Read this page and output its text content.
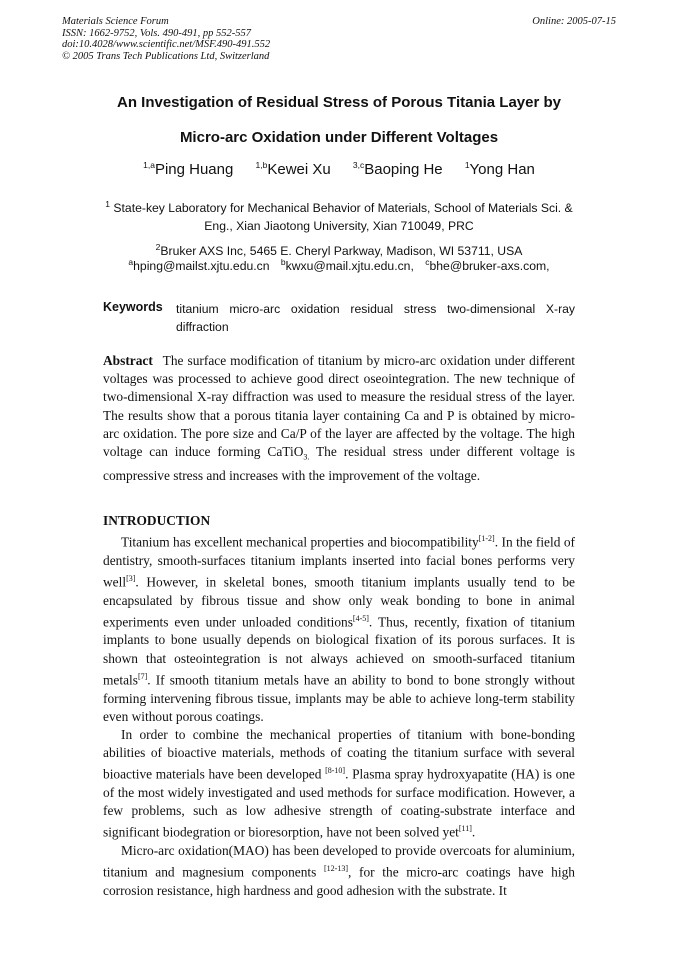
Materials Science Forum
ISSN: 1662-9752, Vols. 490-491, pp 552-557
doi:10.4028/www.scientific.net/MSF.490-491.552
© 2005 Trans Tech Publications Ltd, Switzerland
Online: 2005-07-15
An Investigation of Residual Stress of Porous Titania Layer by
Micro-arc Oxidation under Different Voltages
$^{1,a}$Ping Huang	$^{1,b}$Kewei Xu	$^{3,c}$Baoping He	$^1$Yong Han
$^1$ State-key Laboratory for Mechanical Behavior of Materials, School of Materials Sci. & Eng., Xian Jiaotong University, Xian 710049, PRC
$^2$Bruker AXS Inc, 5465 E. Cheryl Parkway, Madison, WI 53711, USA
$^a$hping@mailst.xjtu.edu.cn $^b$kwxu@mail.xjtu.edu.cn, $^c$bhe@bruker-axs.com,
Keywords titanium micro-arc oxidation residual stress two-dimensional X-ray diffraction
Abstract The surface modification of titanium by micro-arc oxidation under different voltages was processed to achieve good direct oseointegration. The new technique of two-dimensional X-ray diffraction was used to measure the residual stress of the layer. The results show that a porous titania layer containing Ca and P is obtained by micro-arc oxidation. The pore size and Ca/P of the layer are affected by the voltage. The high voltage can induce forming CaTiO$_{3.}$ The residual stress under different voltage is compressive stress and increases with the improvement of the voltage.
INTRODUCTION

Titanium has excellent mechanical properties and biocompatibility[1-2]. In the field of dentistry, smooth-surfaces titanium implants inserted into facial bones performs very well[3]. However, in skeletal bones, smooth titanium implants usually tend to be encapsulated by fibrous tissue and show only weak bonding to bone in animal experiments even under unloaded conditions[4-5]. Thus, recently, fixation of titanium implants to bone usually depends on biological fixation of its porous surfaces. It is shown that osteointegration is not always achieved on smooth-surfaced titanium metals[7]. If smooth titanium metals have an ability to bond to bone strongly without forming intervening fibrous tissue, implants may be able to achieve long-term stability even without porous coatings.

In order to combine the mechanical properties of titanium with bone-bonding abilities of bioactive materials, methods of coating the titanium surface with several bioactive materials have been developed [8-10]. Plasma spray hydroxyapatite (HA) is one of the most widely investigated and used methods for surface modification. However, a few problems, such as low adhesive strength of coating-substrate interface and significant biodegration or bioresorption, have not been solved yet[11].

Micro-arc oxidation(MAO) has been developed to provide overcoats for aluminium, titanium and magnesium components [12-13], for the micro-arc coatings have high corrosion resistance, high hardness and good adhesion with the substrate. It
